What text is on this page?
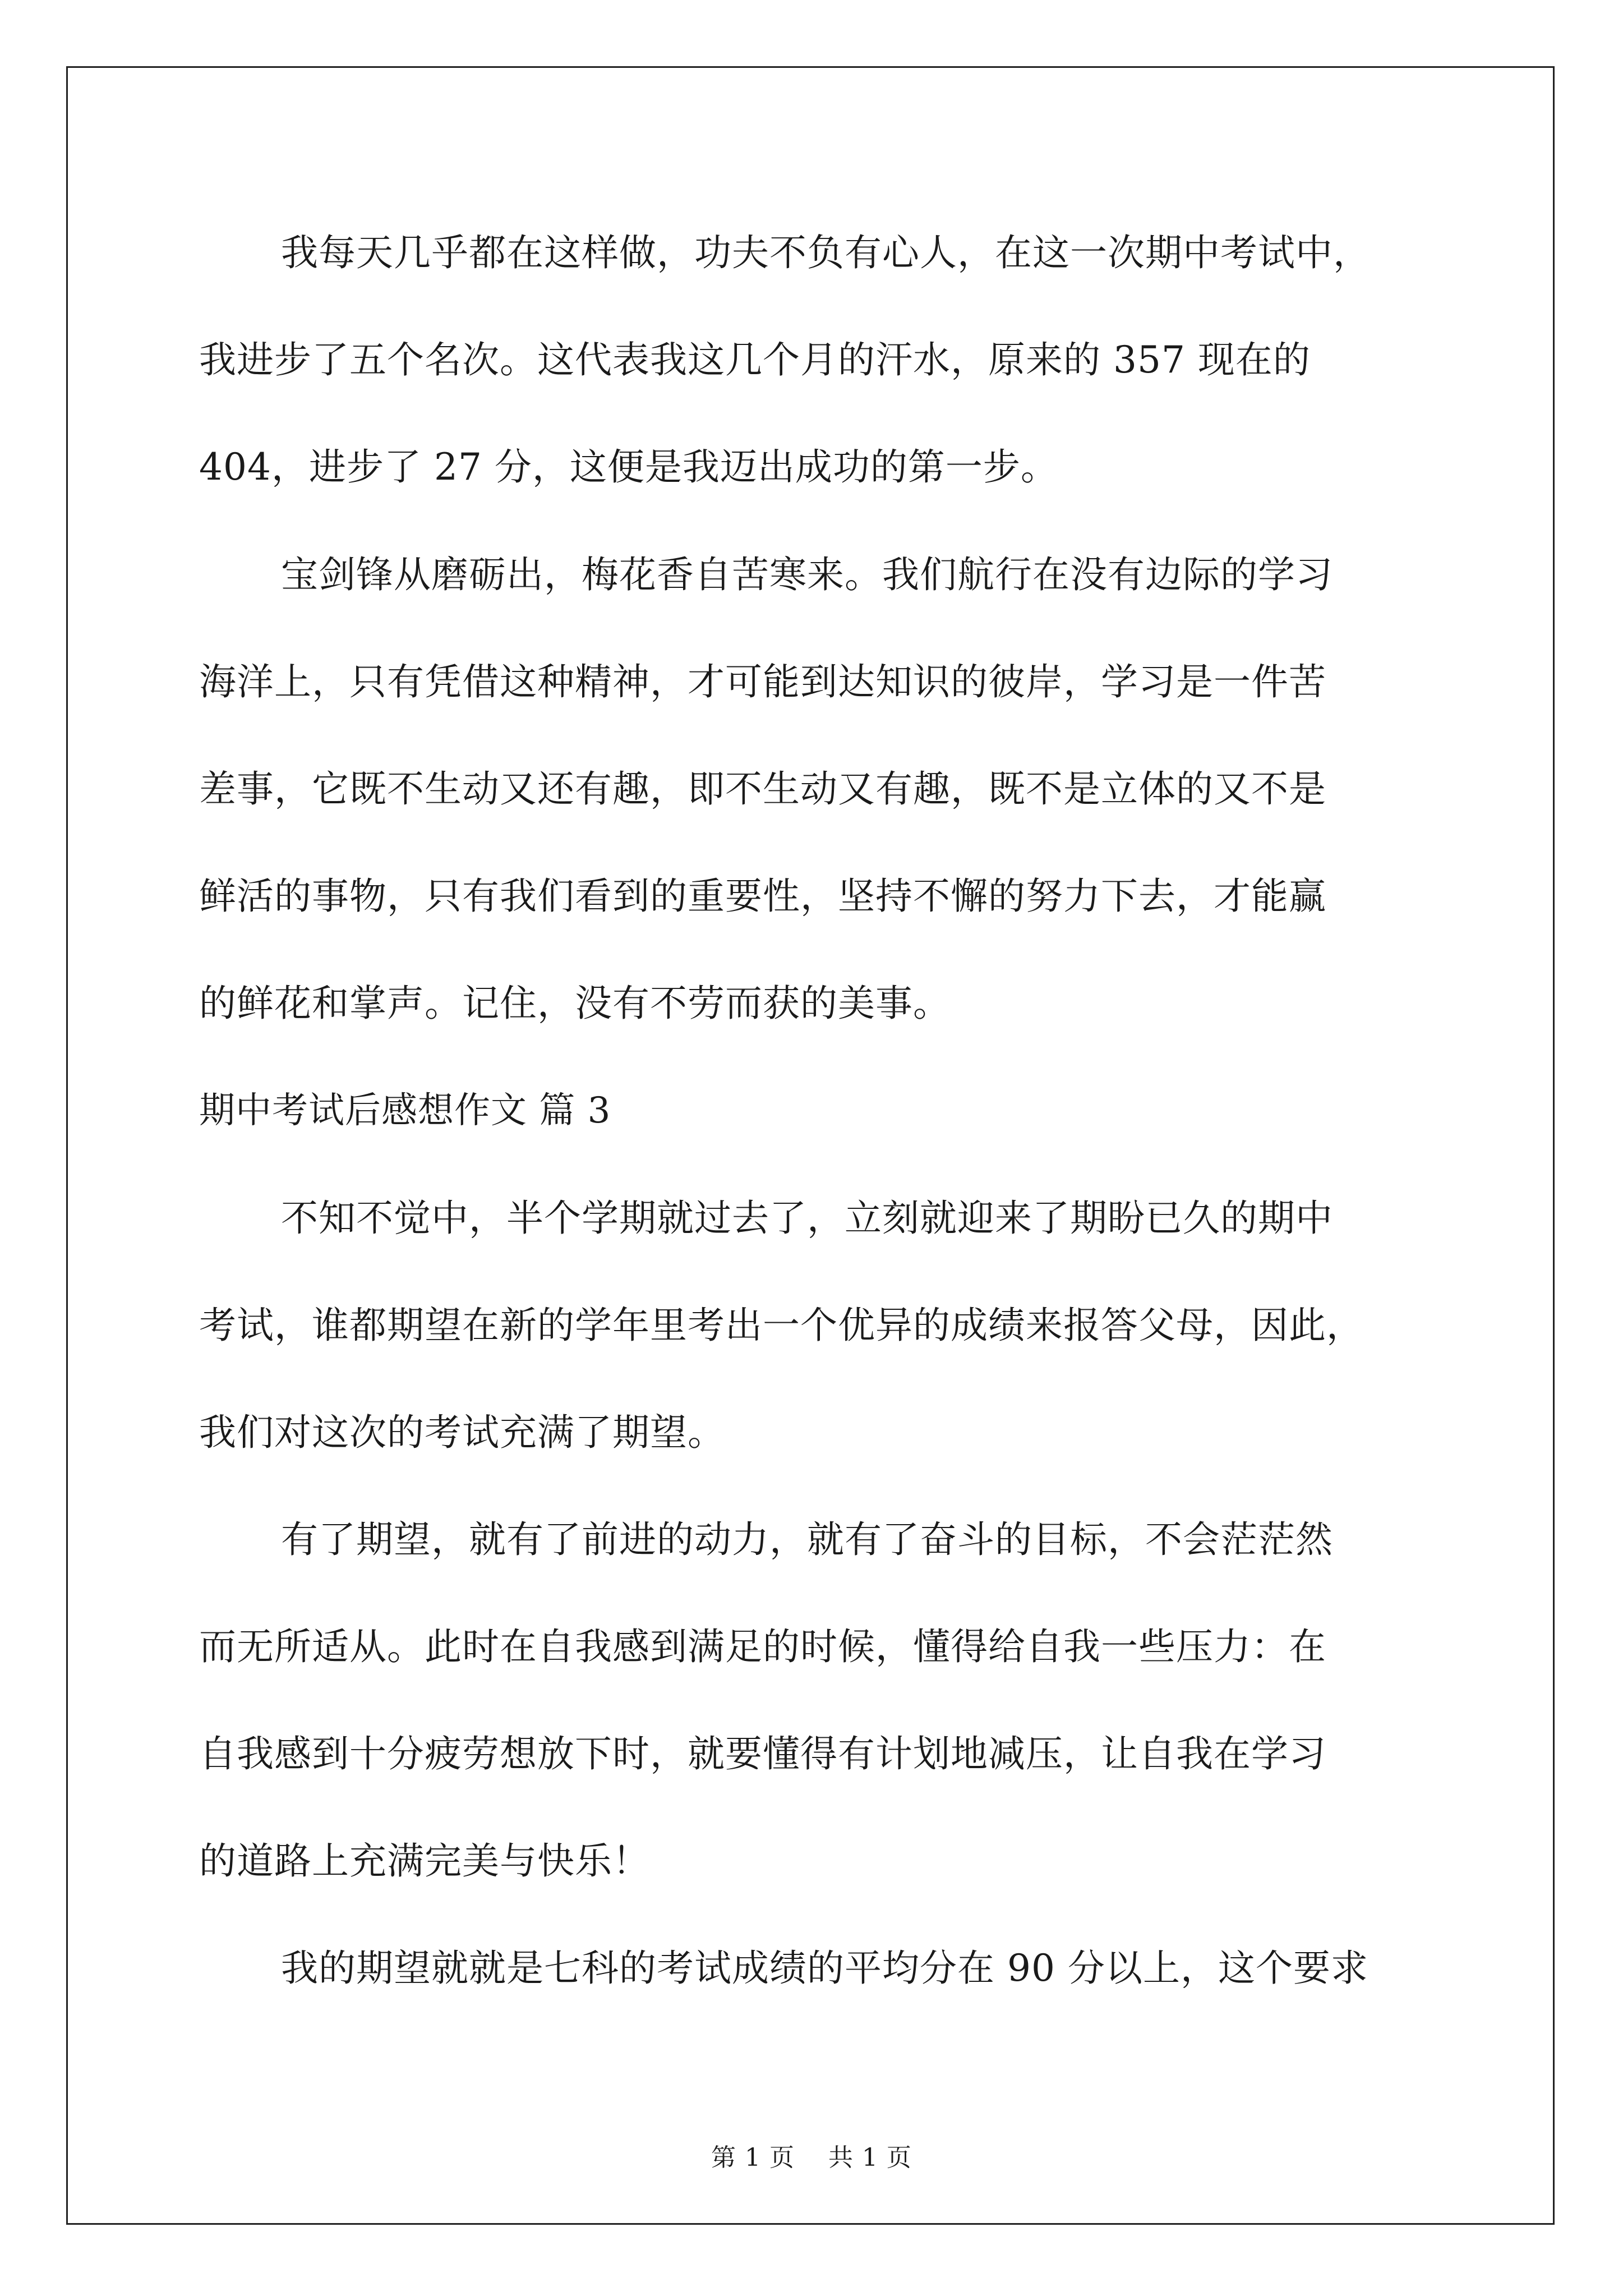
我每天几乎都在这样做，功夫不负有心人，在这一次期中考试中，
我进步了五个名次。这代表我这几个月的汗水，原来的 357 现在的
404，进步了 27 分，这便是我迈出成功的第一步。
宝剑锋从磨砺出，梅花香自苦寒来。我们航行在没有边际的学习
海洋上，只有凭借这种精神，才可能到达知识的彼岸，学习是一件苦
差事，它既不生动又还有趣，即不生动又有趣，既不是立体的又不是
鲜活的事物，只有我们看到的重要性，坚持不懈的努力下去，才能赢
的鲜花和掌声。记住，没有不劳而获的美事。
期中考试后感想作文 篇 3
不知不觉中，半个学期就过去了，立刻就迎来了期盼已久的期中
考试，谁都期望在新的学年里考出一个优异的成绩来报答父母，因此，
我们对这次的考试充满了期望。
有了期望，就有了前进的动力，就有了奋斗的目标，不会茫茫然
而无所适从。此时在自我感到满足的时候，懂得给自我一些压力：在
自我感到十分疲劳想放下时，就要懂得有计划地减压，让自我在学习
的道路上充满完美与快乐！
我的期望就就是七科的考试成绩的平均分在 90 分以上，这个要求
第 1 页    共 1 页
